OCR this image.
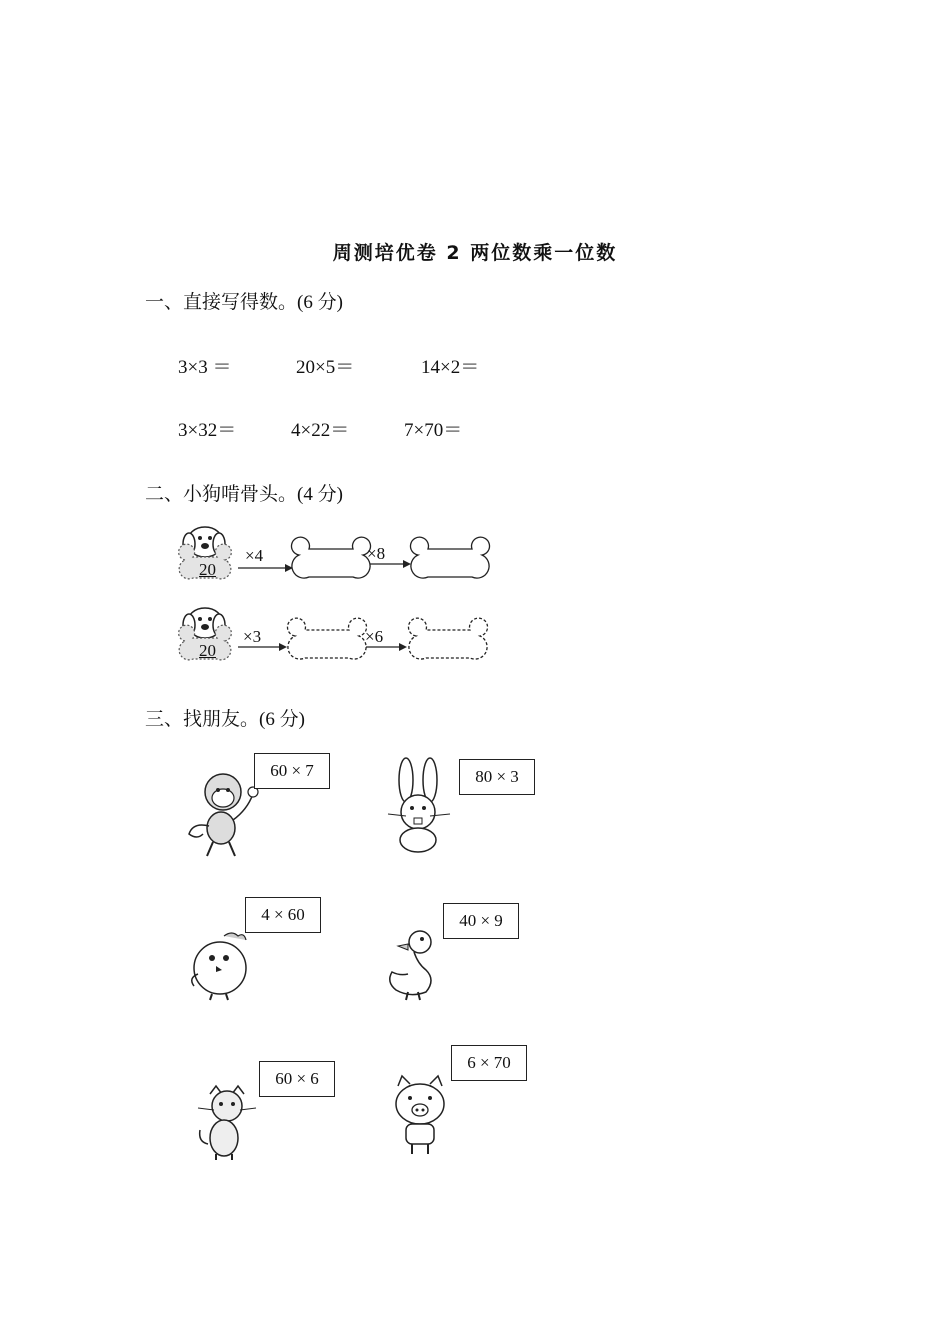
周测培优卷 2 两位数乘一位数
一、直接写得数。(6 分)
3×3 ＝	20×5＝	14×2＝
3×32＝	4×22＝	7×70＝
二、小狗啃骨头。(4 分)
20
×4	×8
20
×3	×6
三、找朋友。(6 分)
60 × 7	80 × 3
4 × 60	40 × 9
60 × 6
6 × 70
